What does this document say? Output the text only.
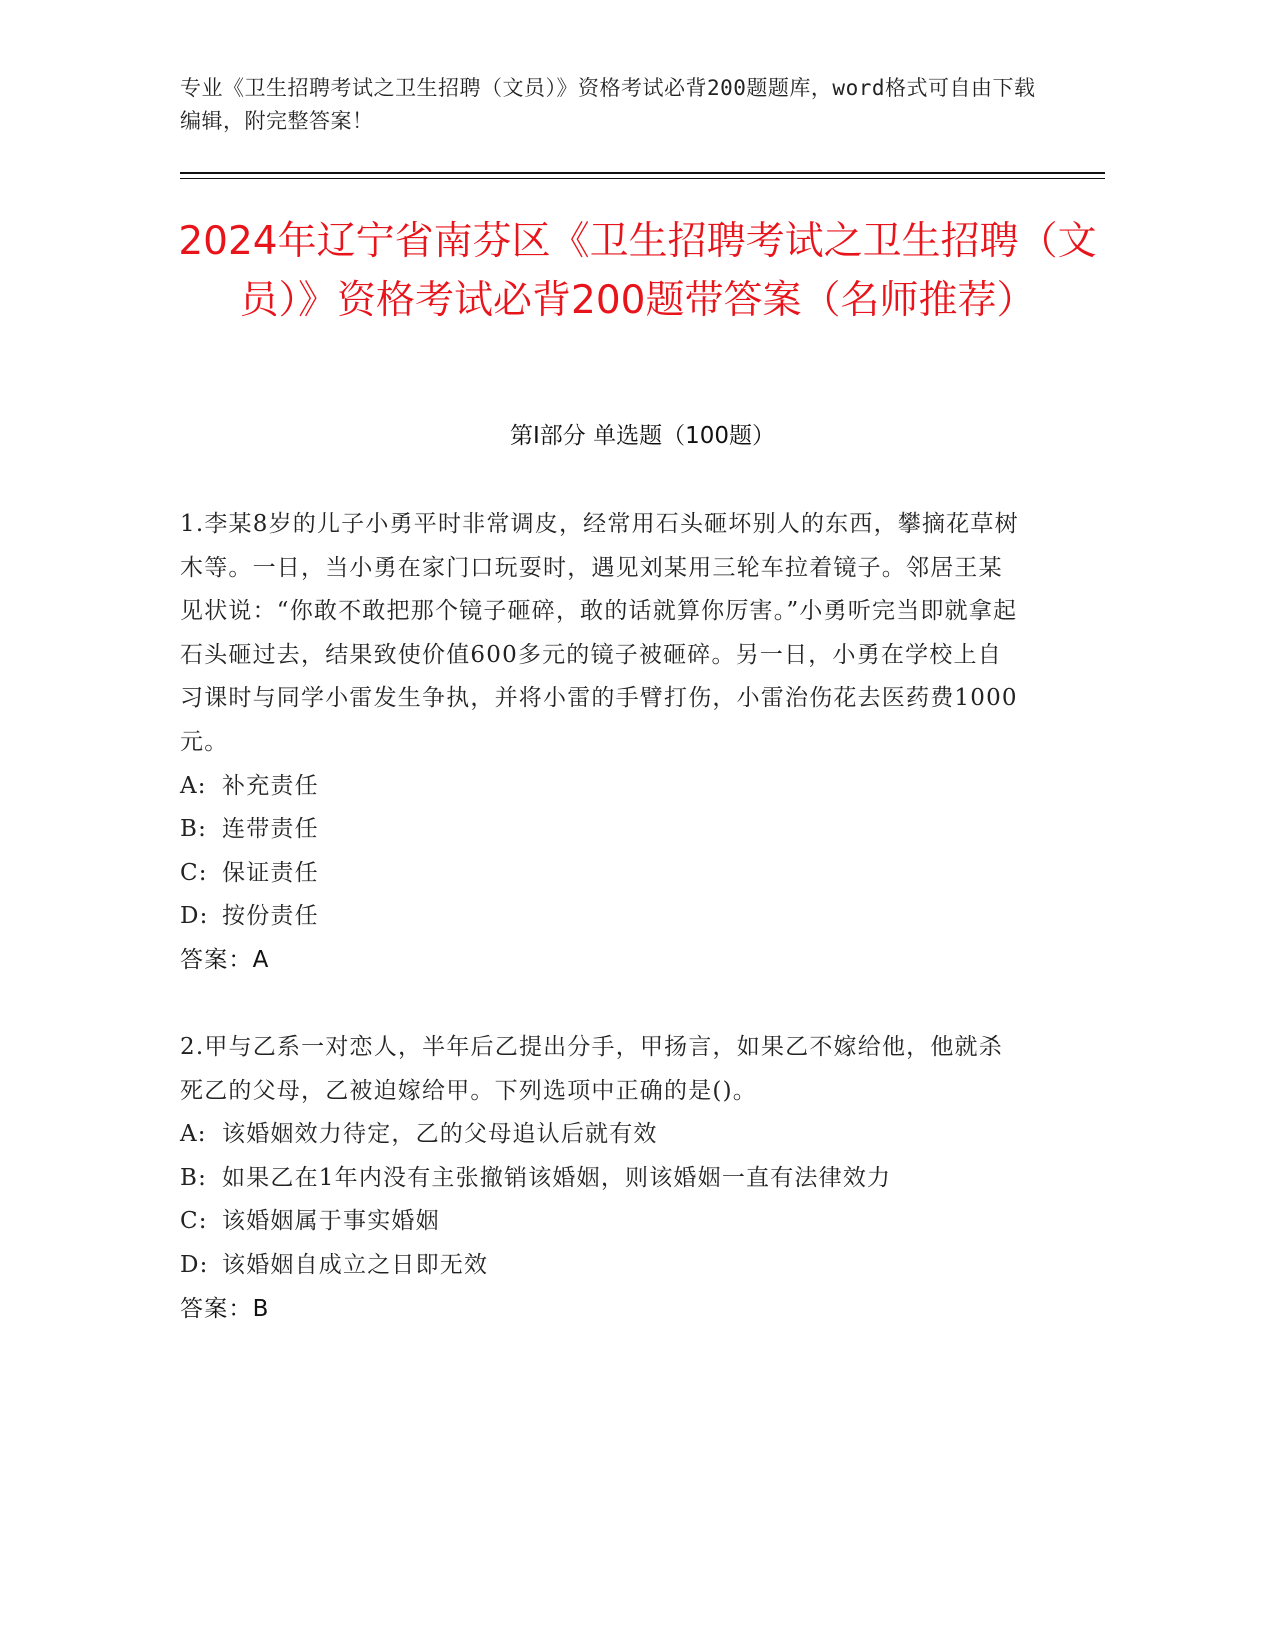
专业《卫生招聘考试之卫生招聘（文员）》资格考试必背200题题库，word格式可自由下载编辑，附完整答案！
2024年辽宁省南芬区《卫生招聘考试之卫生招聘（文员）》资格考试必背200题带答案（名师推荐）
第I部分 单选题（100题）

1.李某8岁的儿子小勇平时非常调皮，经常用石头砸坏别人的东西，攀摘花草树木等。一日，当小勇在家门口玩耍时，遇见刘某用三轮车拉着镜子。邻居王某见状说：“你敢不敢把那个镜子砸碎，敢的话就算你厉害。”小勇听完当即就拿起石头砸过去，结果致使价值600多元的镜子被砸碎。另一日，小勇在学校上自习课时与同学小雷发生争执，并将小雷的手臂打伤，小雷治伤花去医药费1000元。

A: 补充责任
B: 连带责任
C: 保证责任
D: 按份责任

答案：A

2.甲与乙系一对恋人，半年后乙提出分手，甲扬言，如果乙不嫁给他，他就杀死乙的父母，乙被迫嫁给甲。下列选项中正确的是()。

A: 该婚姻效力待定，乙的父母追认后就有效
B: 如果乙在1年内没有主张撤销该婚姻，则该婚姻一直有法律效力
C: 该婚姻属于事实婚姻
D: 该婚姻自成立之日即无效

答案：B
